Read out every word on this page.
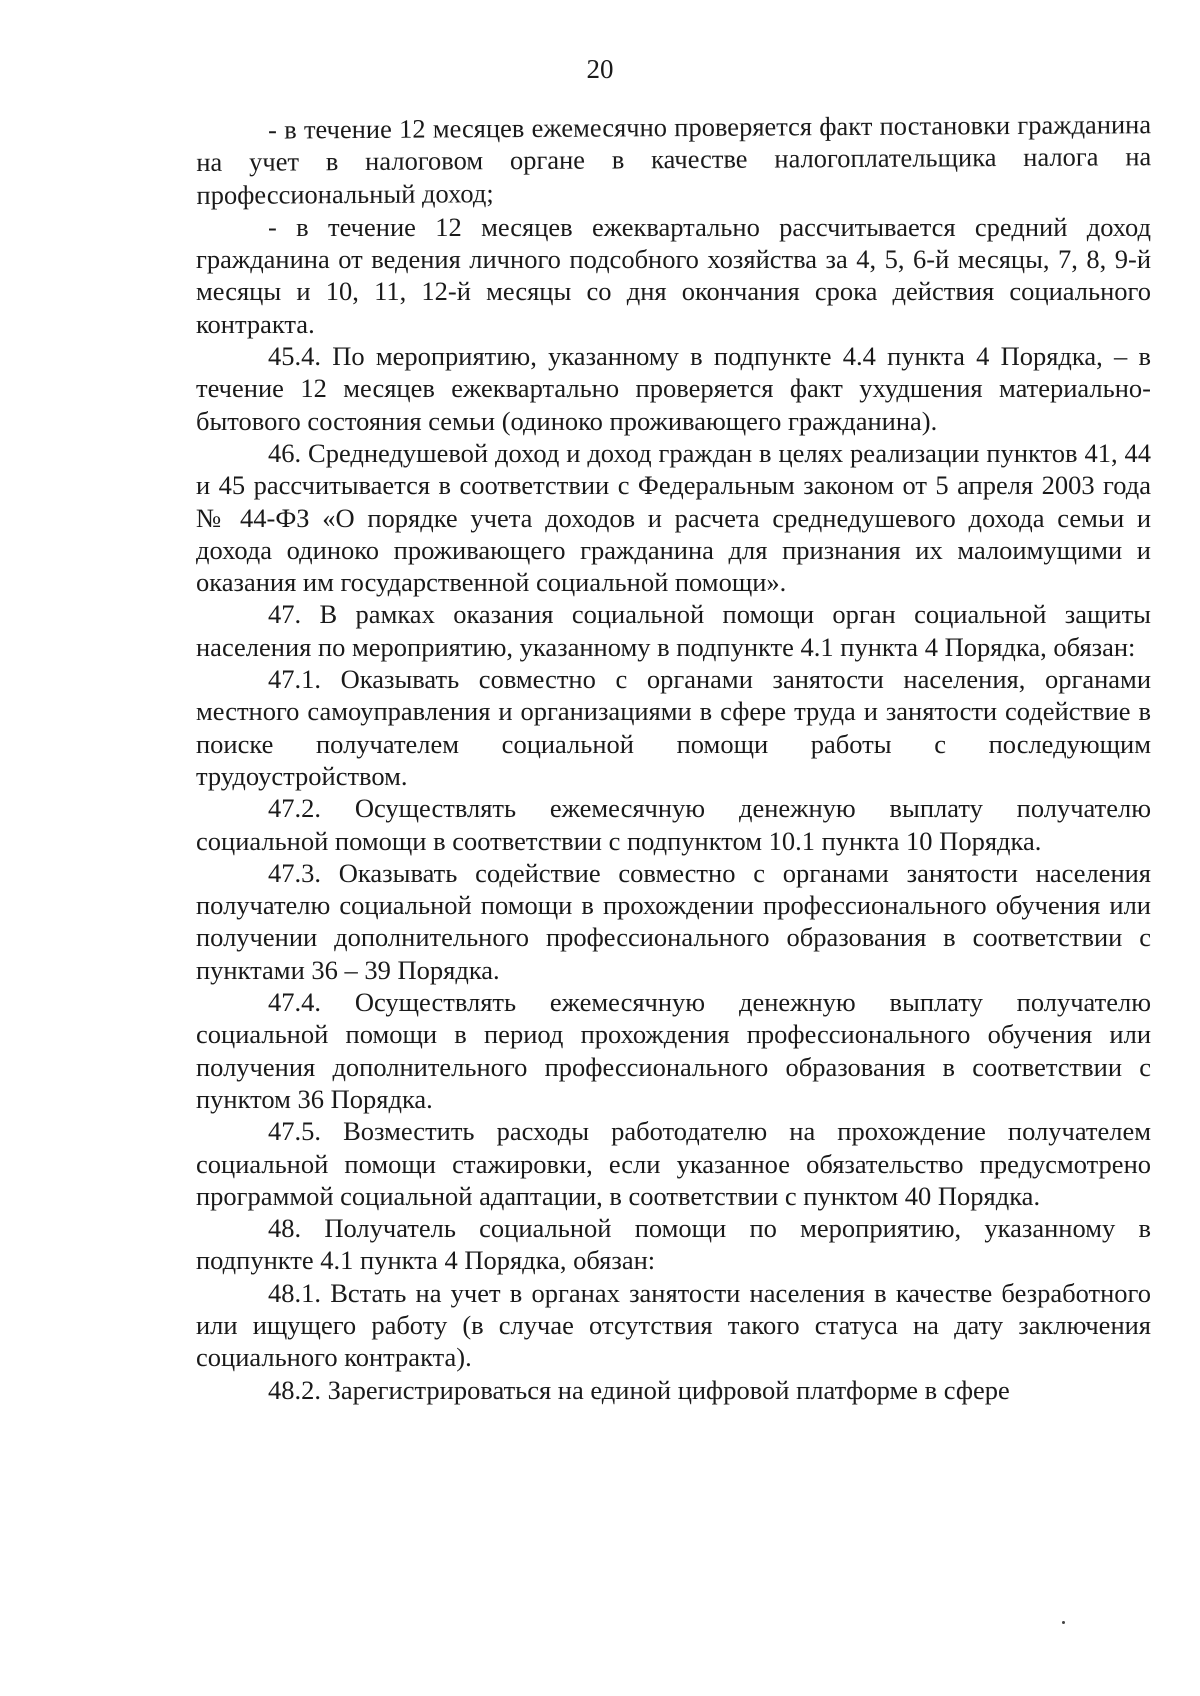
20

- в течение 12 месяцев ежемесячно проверяется факт постановки гражданина на учет в налоговом органе в качестве налогоплательщика налога на профессиональный доход;

- в течение 12 месяцев ежеквартально рассчитывается средний доход гражданина от ведения личного подсобного хозяйства за 4, 5, 6-й месяцы, 7, 8, 9-й месяцы и 10, 11, 12-й месяцы со дня окончания срока действия социального контракта.

45.4. По мероприятию, указанному в подпункте 4.4 пункта 4 Порядка, – в течение 12 месяцев ежеквартально проверяется факт ухудшения материально-бытового состояния семьи (одиноко проживающего гражданина).

46. Среднедушевой доход и доход граждан в целях реализации пунктов 41, 44 и 45 рассчитывается в соответствии с Федеральным законом от 5 апреля 2003 года № 44-ФЗ «О порядке учета доходов и расчета среднедушевого дохода семьи и дохода одиноко проживающего гражданина для признания их малоимущими и оказания им государственной социальной помощи».

47. В рамках оказания социальной помощи орган социальной защиты населения по мероприятию, указанному в подпункте 4.1 пункта 4 Порядка, обязан:

47.1. Оказывать совместно с органами занятости населения, органами местного самоуправления и организациями в сфере труда и занятости содействие в поиске получателем социальной помощи работы с последующим трудоустройством.

47.2. Осуществлять ежемесячную денежную выплату получателю социальной помощи в соответствии с подпунктом 10.1 пункта 10 Порядка.

47.3. Оказывать содействие совместно с органами занятости населения получателю социальной помощи в прохождении профессионального обучения или получении дополнительного профессионального образования в соответствии с пунктами 36 – 39 Порядка.

47.4. Осуществлять ежемесячную денежную выплату получателю социальной помощи в период прохождения профессионального обучения или получения дополнительного профессионального образования в соответствии с пунктом 36 Порядка.

47.5. Возместить расходы работодателю на прохождение получателем социальной помощи стажировки, если указанное обязательство предусмотрено программой социальной адаптации, в соответствии с пунктом 40 Порядка.

48. Получатель социальной помощи по мероприятию, указанному в подпункте 4.1 пункта 4 Порядка, обязан:

48.1. Встать на учет в органах занятости населения в качестве безработного или ищущего работу (в случае отсутствия такого статуса на дату заключения социального контракта).

48.2. Зарегистрироваться на единой цифровой платформе в сфере
